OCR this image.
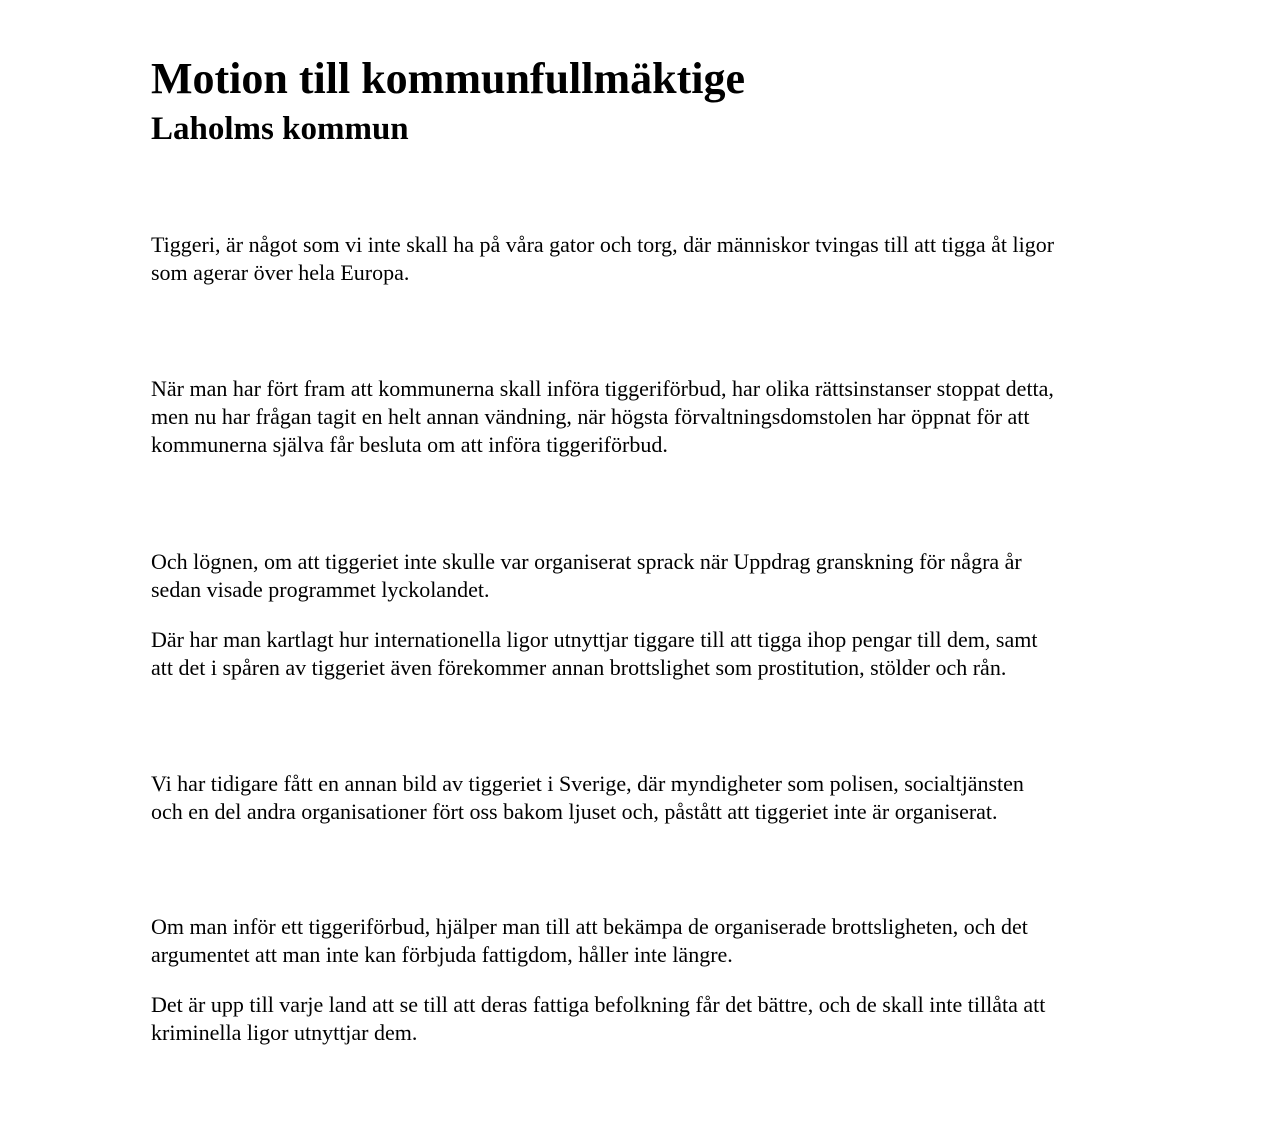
Motion till kommunfullmäktige
Laholms kommun

Tiggeri, är något som vi inte skall ha på våra gator och torg, där människor tvingas till att tigga åt ligor
som agerar över hela Europa.

När man har fört fram att kommunerna skall införa tiggeriförbud, har olika rättsinstanser stoppat detta,
men nu har frågan tagit en helt annan vändning, när högsta förvaltningsdomstolen har öppnat för att
kommunerna själva får besluta om att införa tiggeriförbud.

Och lögnen, om att tiggeriet inte skulle var organiserat sprack när Uppdrag granskning för några år
sedan visade programmet lyckolandet.

Där har man kartlagt hur internationella ligor utnyttjar tiggare till att tigga ihop pengar till dem, samt
att det i spåren av tiggeriet även förekommer annan brottslighet som prostitution, stölder och rån.

Vi har tidigare fått en annan bild av tiggeriet i Sverige, där myndigheter som polisen, socialtjänsten
och en del andra organisationer fört oss bakom ljuset och, påstått att tiggeriet inte är organiserat.

Om man inför ett tiggeriförbud, hjälper man till att bekämpa de organiserade brottsligheten, och det
argumentet att man inte kan förbjuda fattigdom, håller inte längre.

Det är upp till varje land att se till att deras fattiga befolkning får det bättre, och de skall inte tillåta att
kriminella ligor utnyttjar dem.
